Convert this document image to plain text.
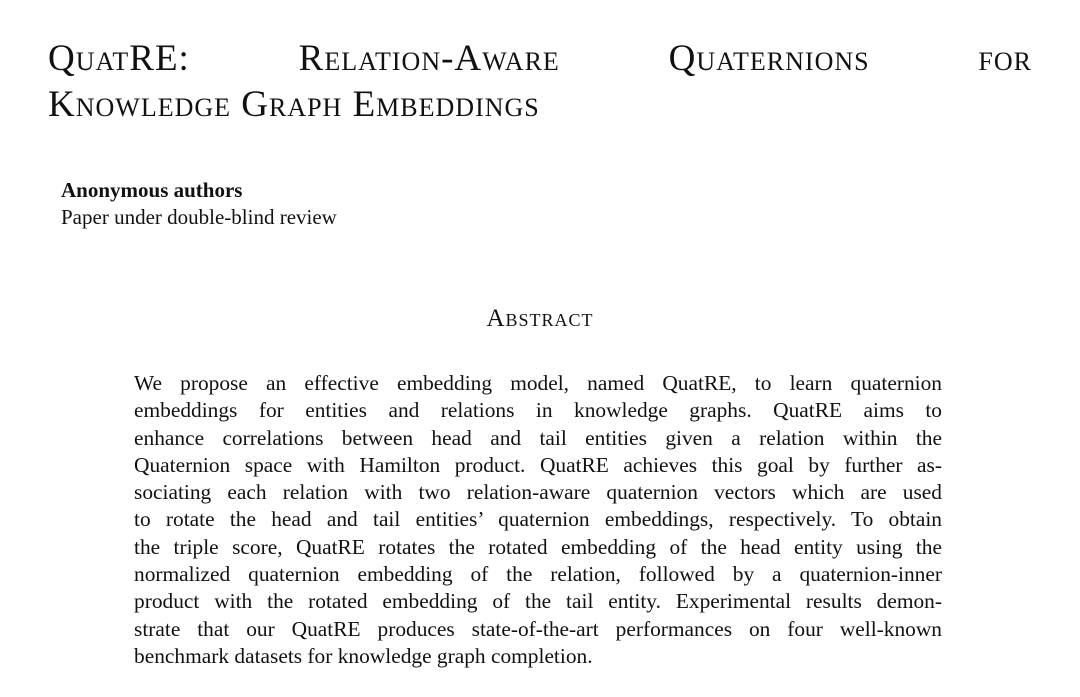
QuatRE: Relation-Aware Quaternions for
Knowledge Graph Embeddings
Anonymous authors
Paper under double-blind review
Abstract

We propose an effective embedding model, named QuatRE, to learn quaternion
embeddings for entities and relations in knowledge graphs. QuatRE aims to
enhance correlations between head and tail entities given a relation within the
Quaternion space with Hamilton product. QuatRE achieves this goal by further as-
sociating each relation with two relation-aware quaternion vectors which are used
to rotate the head and tail entities’ quaternion embeddings, respectively. To obtain
the triple score, QuatRE rotates the rotated embedding of the head entity using the
normalized quaternion embedding of the relation, followed by a quaternion-inner
product with the rotated embedding of the tail entity. Experimental results demon-
strate that our QuatRE produces state-of-the-art performances on four well-known
benchmark datasets for knowledge graph completion.
